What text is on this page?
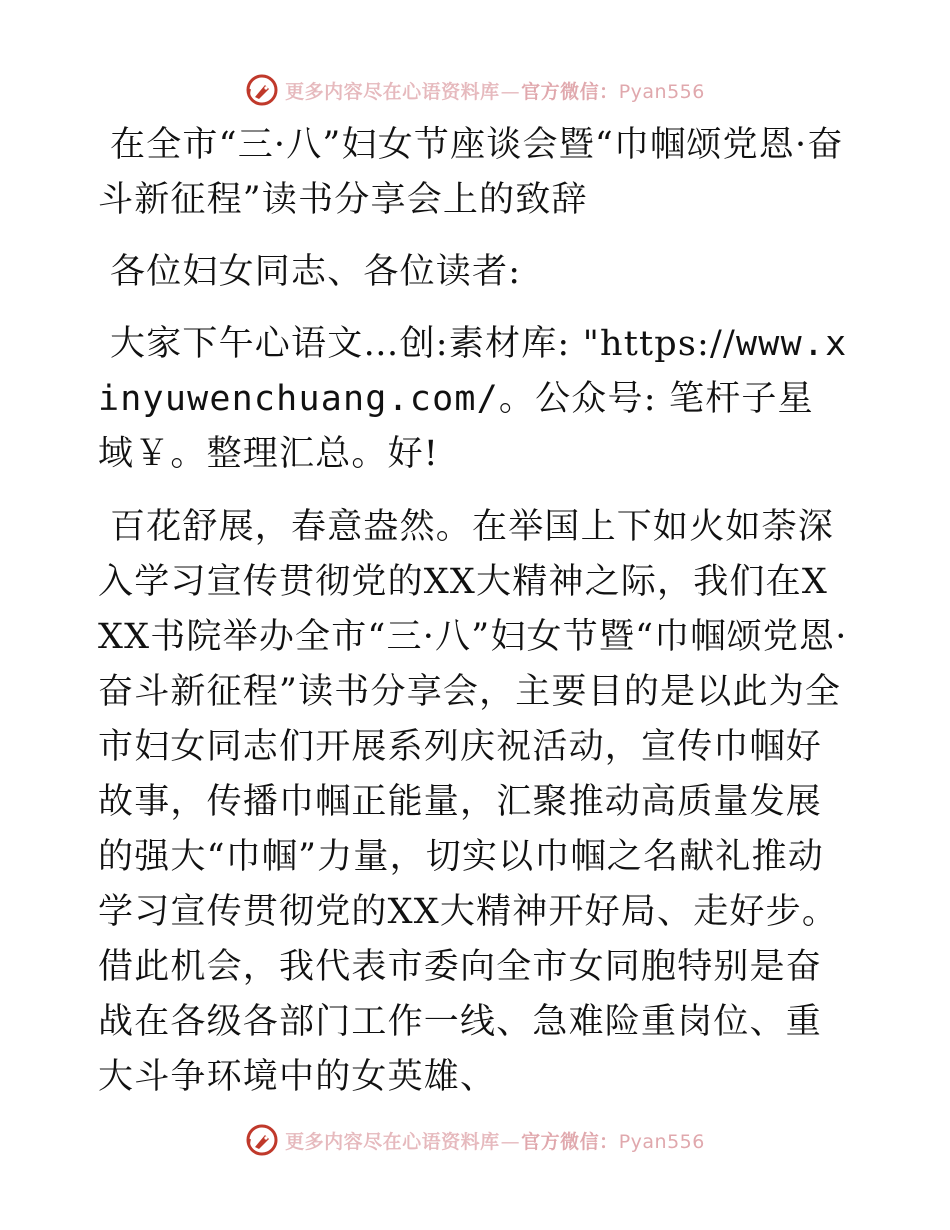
更多内容尽在心语资料库—官方微信：Pyan556

在全市“三·八”妇女节座谈会暨“巾帼颂党恩·奋斗新征程”读书分享会上的致辞

各位妇女同志、各位读者:

大家下午心语文…创:素材库: "https://www.xinyuwenchuang.com/。公众号: 笔杆子星域￥。整理汇总。好!

百花舒展，春意盎然。在举国上下如火如荼深入学习宣传贯彻党的XX大精神之际，我们在XXX书院举办全市“三·八”妇女节暨“巾帼颂党恩·奋斗新征程”读书分享会，主要目的是以此为全市妇女同志们开展系列庆祝活动，宣传巾帼好故事，传播巾帼正能量，汇聚推动高质量发展的强大“巾帼”力量，切实以巾帼之名献礼推动学习宣传贯彻党的XX大精神开好局、走好步。借此机会，我代表市委向全市女同胞特别是奋战在各级各部门工作一线、急难险重岗位、重大斗争环境中的女英雄、

更多内容尽在心语资料库—官方微信：Pyan556
